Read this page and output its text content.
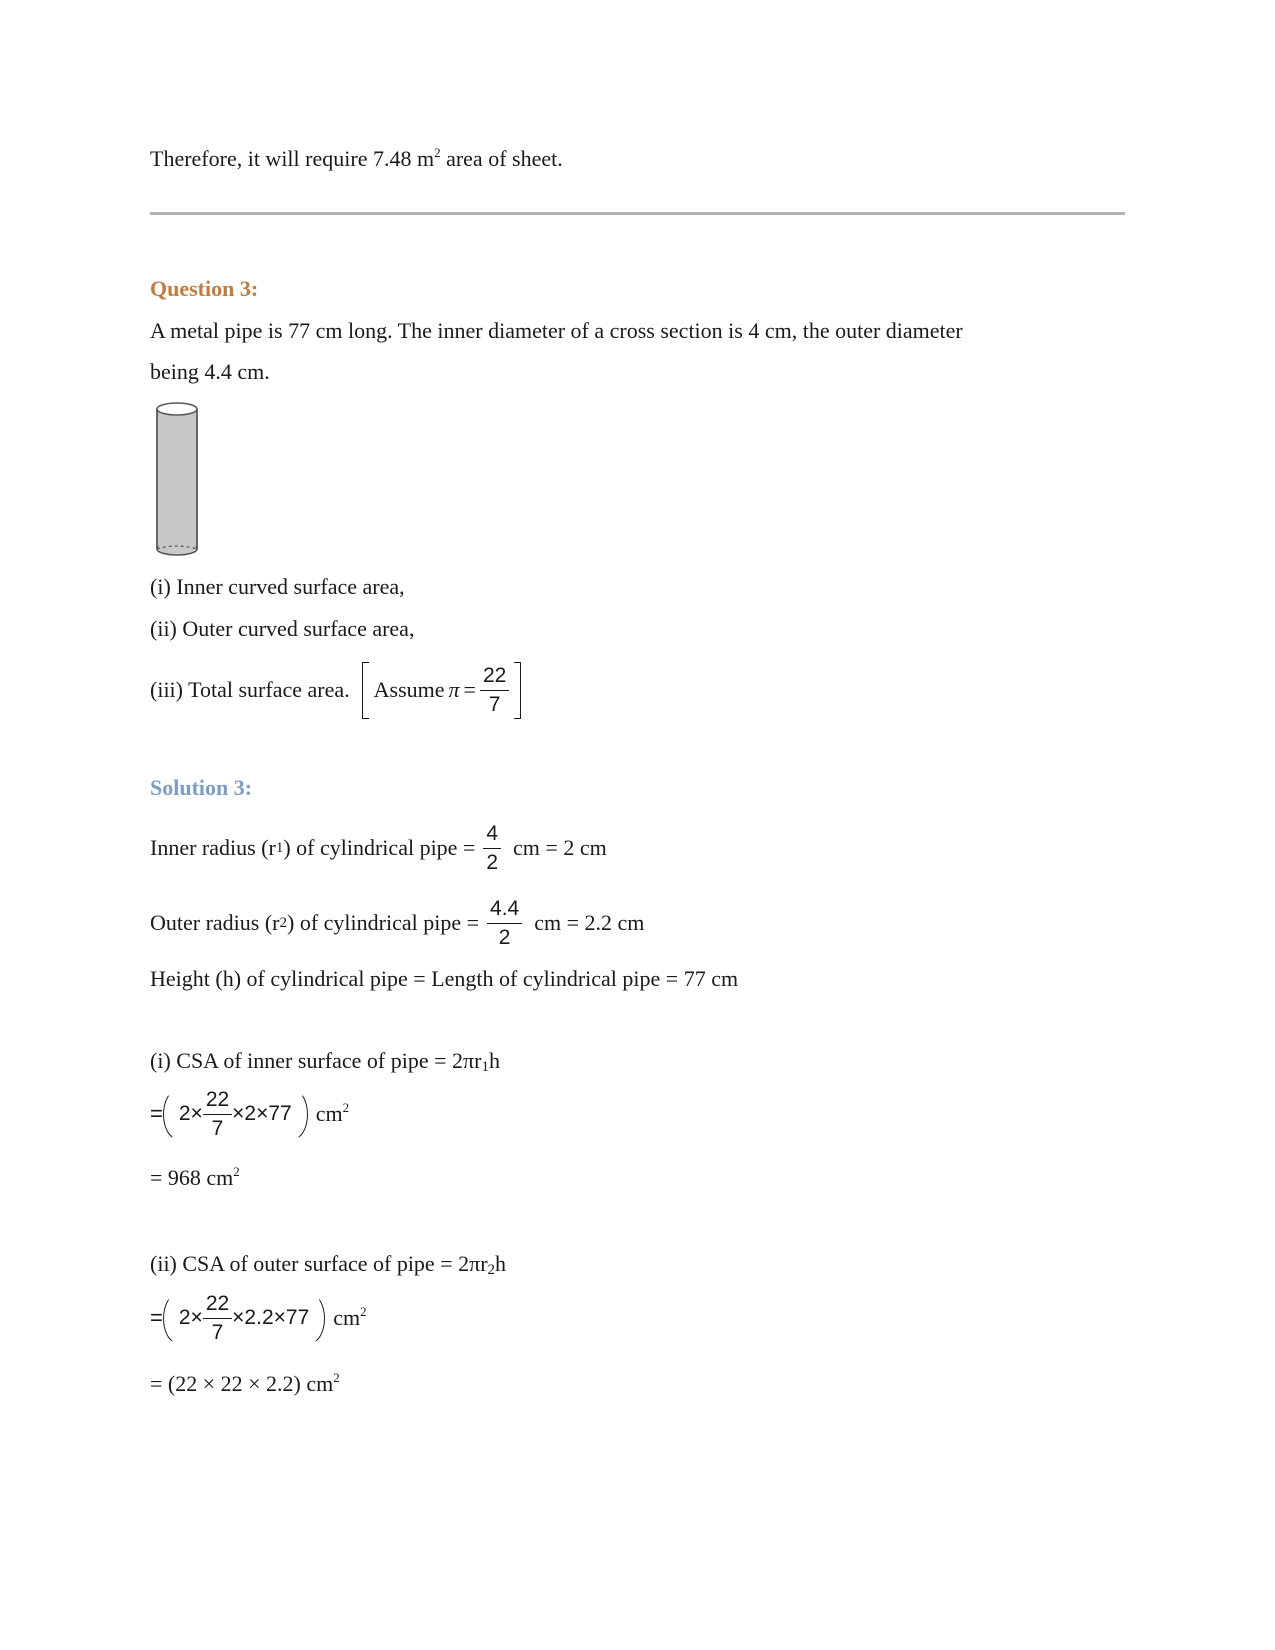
Therefore, it will require 7.48 $m^2$ area of sheet.
Question 3:
A metal pipe is 77 cm long. The inner diameter of a cross section is 4 cm, the outer diameter
being 4.4 cm.
(i) Inner curved surface area,
(ii) Outer curved surface area,
(iii) Total surface area. Assume $\pi = \frac{22}{7}$
Solution 3:
Inner radius (r 1 ) of cylindrical pipe = $\frac{4}{2}$ cm = 2 cm
Outer radius (r 2 ) of cylindrical pipe = $\frac{4.4}{2}$ cm = 2.2 cm
Height (h) of cylindrical pipe = Length of cylindrical pipe = 77 cm
(i) CSA of inner surface of pipe = $2\pi r_1h$
= $2\times \frac{22}{7} \times 2\times 77$ $cm^2$
= 968 $cm^2$
(ii) CSA of outer surface of pipe = $2\pi r_2h$
= $2\times \frac{22}{7} \times 2.2\times 77$ $cm^2$
= (22 × 22 × 2.2) $cm^2$
